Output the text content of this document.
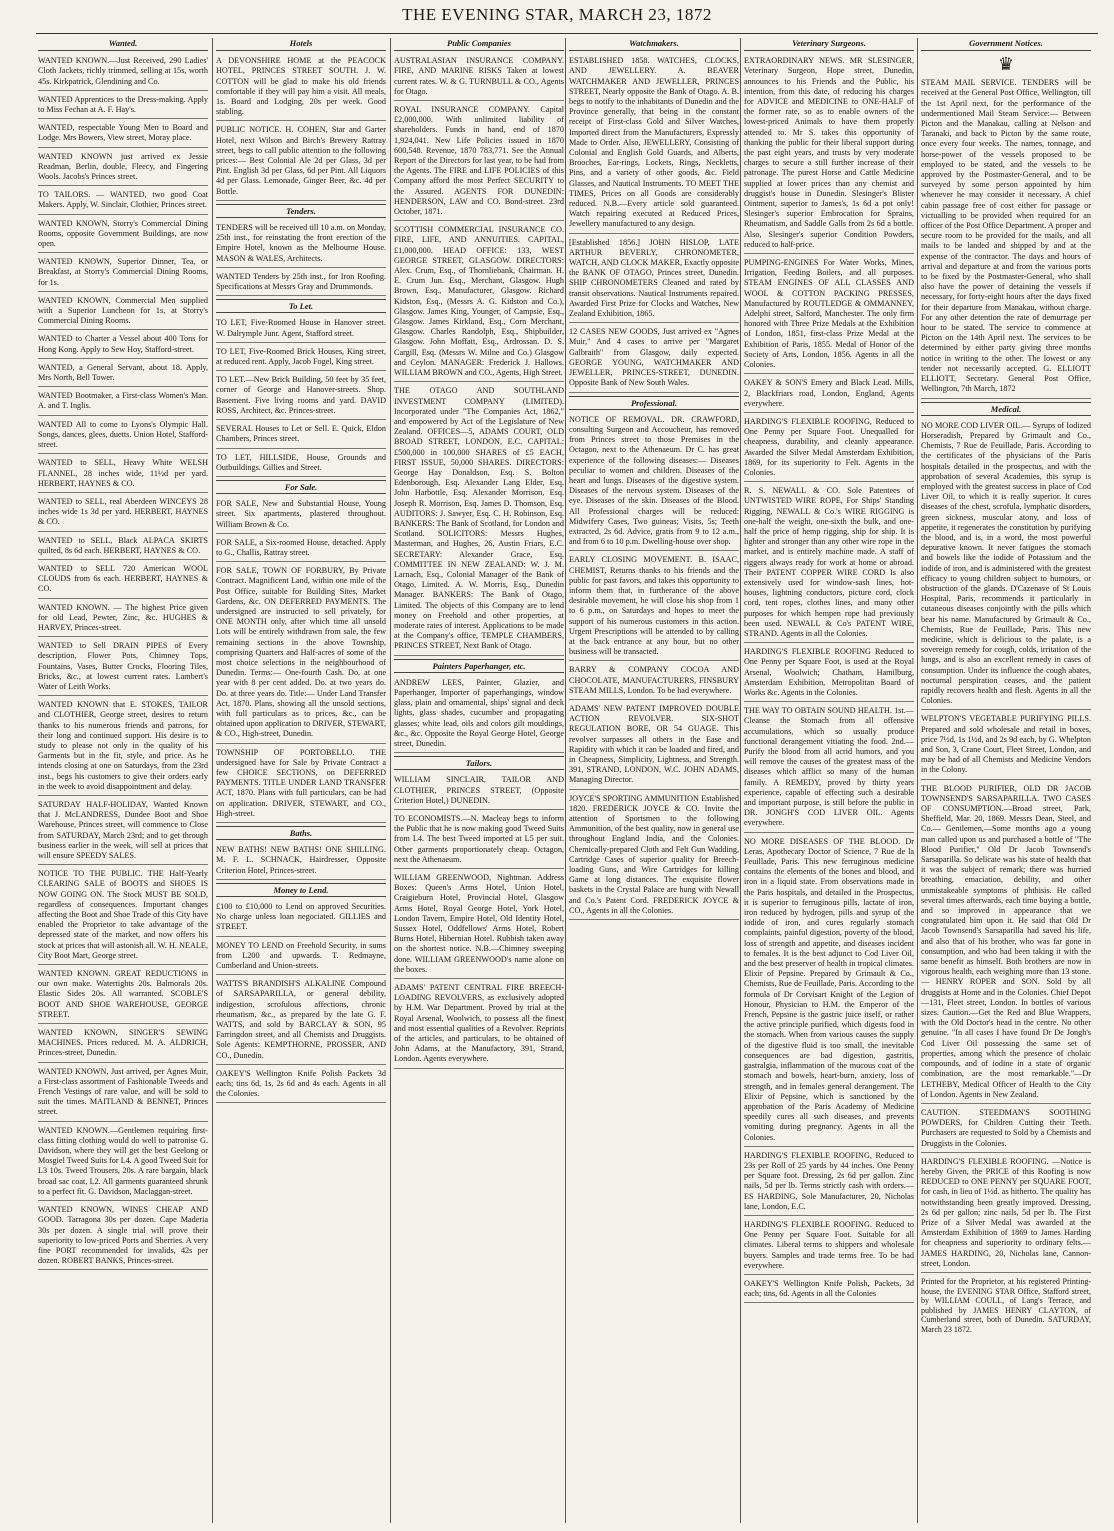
THE EVENING STAR, MARCH 23, 1872
Wanted.
WANTED KNOWN.—Just Received, 290 Ladies' Cloth Jackets, richly trimmed, selling at 15s, worth 45s. Kirkpatrick, Glendining and Co.
WANTED Apprentices to the Dress-making. Apply to Miss Fechan at A. F. Hay's.
WANTED, respectable Young Men to Board and Lodge. Mrs Bowers, View street, Moray place.
WANTED KNOWN just arrived ex Jessie Readman, Berlin, double, Fleecy, and Fingering Wools. Jacobs's Princes street.
TO TAILORS. — WANTED, two good Coat Makers. Apply, W. Sinclair, Clothier, Princes street.
WANTED KNOWN, Storry's Commercial Dining Rooms, opposite Government Buildings, are now open.
WANTED KNOWN, Superior Dinner, Tea, or Breakfast, at Storry's Commercial Dining Rooms, for 1s.
WANTED KNOWN, Commercial Men supplied with a Superior Luncheon for 1s, at Storry's Commercial Dining Rooms.
WANTED to Charter a Vessel about 400 Tons for Hong Kong. Apply to Sew Hoy, Stafford-street.
WANTED, a General Servant, about 18. Apply, Mrs North, Bell Tower.
WANTED Bootmaker, a First-class Women's Man. A. and T. Inglis.
WANTED All to come to Lyons's Olympic Hall. Songs, dances, glees, duetts. Union Hotel, Stafford-street.
WANTED to SELL, Heavy White WELSH FLANNEL, 28 inches wide, 11½d per yard. HERBERT, HAYNES & CO.
WANTED to SELL, real Aberdeen WINCEYS 28 inches wide 1s 3d per yard. HERBERT, HAYNES & CO.
WANTED to SELL, Black ALPACA SKIRTS quilted, 8s 6d each. HERBERT, HAYNES & CO.
WANTED to SELL 720 American WOOL CLOUDS from 6s each. HERBERT, HAYNES & CO.
WANTED KNOWN. — The highest Price given for old Lead, Pewter, Zinc, &c. HUGHES & HARVEY, Princes-street.
WANTED to Sell DRAIN PIPES of Every description, Flower Pots, Chimney Tops, Fountains, Vases, Butter Crocks, Flooring Tiles, Bricks, &c., at lowest current rates. Lambert's Water of Leith Works.
WANTED KNOWN that E. STOKES, TAILOR and CLOTHIER, George street, desires to return thanks to his numerous friends and patrons, for their long and continued support. His desire is to study to please not only in the quality of his Garments but in the fit, style, and price. As he intends closing at one on Saturdays, from the 23rd inst., begs his customers to give their orders early in the week to avoid disappointment and delay.
SATURDAY HALF-HOLIDAY, Wanted Known that J. McLANDRESS, Dundee Boot and Shoe Warehouse, Princes street, will commence to Close from SATURDAY, March 23rd; and to get through business earlier in the week, will sell at prices that will ensure SPEEDY SALES.
NOTICE TO THE PUBLIC. THE Half-Yearly CLEARING SALE of BOOTS and SHOES IS NOW GOING ON. The Stock MUST BE SOLD, regardless of consequences. Important changes affecting the Boot and Shoe Trade of this City have enabled the Proprietor to take advantage of the depressed state of the market, and now offers his stock at prices that will astonish all. W. H. NEALE, City Boot Mart, George street.
WANTED KNOWN. GREAT REDUCTIONS in our own make. Watertights 20s. Balmorals 20s. Elastic Sides 20s. All warranted. SCOBLE'S BOOT AND SHOE WAREHOUSE, GEORGE STREET.
WANTED KNOWN, SINGER'S SEWING MACHINES. Prices reduced. M. A. ALDRICH, Princes-street, Dunedin.
WANTED KNOWN, Just arrived, per Agnes Muir, a First-class assortment of Fashionable Tweeds and French Vestings of rare value, and will be sold to suit the times. MAITLAND & BENNET, Princes street.
WANTED KNOWN.—Gentlemen requiring first-class fitting clothing would do well to patronise G. Davidson, where they will get the best Geelong or Mosgiel Tweed Suits for L4. A good Tweed Suit for L3 10s. Tweed Trousers, 20s. A rare bargain, black broad sac coat, L2. All garments guaranteed shrunk to a perfect fit. G. Davidson, Maclaggan-street.
WANTED KNOWN, WINES CHEAP AND GOOD. Tarragona 30s per dozen. Cape Maderia 30s per dozen. A single trial will prove their superiority to low-priced Ports and Sherries. A very fine PORT recommended for invalids, 42s per dozen. ROBERT BANKS, Princes-street.
Hotels
A DEVONSHIRE HOME at the PEACOCK HOTEL, PRINCES STREET SOUTH. J. W. COTTON will be glad to make his old friends comfortable if they will pay him a visit. All meals, 1s. Board and Lodging, 20s per week. Good stabling.
PUBLIC NOTICE. H. COHEN, Star and Garter Hotel, next Wilson and Birch's Brewery Rattray street, begs to call public attention to the following prices:— Best Colonial Ale 2d per Glass, 3d per Pint. English 3d per Glass, 6d per Pint. All Liquors 4d per Glass. Lemonade, Ginger Beer, &c. 4d per Bottle.
Tenders.
TENDERS will be received till 10 a.m. on Monday, 25th inst., for reinstating the front erection of the Empire Hotel, known as the Melbourne House. MASON & WALES, Architects.
WANTED Tenders by 25th inst., for Iron Roofing. Specifications at Messrs Gray and Drummonds.
To Let.
TO LET, Five-Roomed House in Hanover street. W. Dalrymple Junr. Agent, Stafford street.
TO LET, Five-Roomed Brick Houses, King street, at reduced rent. Apply, Jacob Fogel, King street.
TO LET.—New Brick Building, 50 feet by 35 feet, corner of George and Hanover-streets. Shop. Basement. Five living rooms and yard. DAVID ROSS, Architect, &c. Princes-street.
SEVERAL Houses to Let or Sell. E. Quick, Eldon Chambers, Princes street.
TO LET, HILLSIDE, House, Grounds and Outbuildings. Gillies and Street.
For Sale.
FOR SALE, New and Substantial House, Young street. Six apartments, plastered throughout. William Brown & Co.
FOR SALE, a Six-roomed House, detached. Apply to G., Challis, Rattray street.
FOR SALE, TOWN OF FORBURY, By Private Contract. Magnificent Land, within one mile of the Post Office, suitable for Building Sites, Market Gardens, &c. ON DEFERRED PAYMENTS. The undersigned are instructed to sell privately, for ONE MONTH only, after which time all unsold Lots will be entirely withdrawn from sale, the few remaining sections in the above Township, comprising Quarters and Half-acres of some of the most choice selections in the neighbourhood of Dunedin. Terms:— One-fourth Cash. Do. at one year with 8 per cent added. Do. at two years do. Do. at three years do. Title:— Under Land Transfer Act, 1870. Plans, showing all the unsold sections, with full particulars as to prices, &c., can be obtained upon application to DRIVER, STEWART, & CO., High-street, Dunedin.
TOWNSHIP OF PORTOBELLO. THE undersigned have for Sale by Private Contract a few CHOICE SECTIONS, on DEFERRED PAYMENTS. TITLE UNDER LAND TRANSFER ACT, 1870. Plans with full particulars, can be had on application. DRIVER, STEWART, and CO., High-street.
Baths.
NEW BATHS! NEW BATHS! ONE SHILLING. M. F. L. SCHNACK, Hairdresser, Opposite Criterion Hotel, Princes-street.
Money to Lend.
£100 to £10,000 to Lend on approved Securities. No charge unless loan negociated. GILLIES and STREET.
MONEY TO LEND on Freehold Security, in sums from L200 and upwards. T. Redmayne, Cumberland and Union-streets.
WATTS'S BRANDISH'S ALKALINE Compound of SARSAPARILLA, or general debility, indigestion, scrofulous affections, chronic rheumatism, &c., as prepared by the late G. F. WATTS, and sold by BARCLAY & SON, 95 Farringdon street, and all Chemists and Druggists. Sole Agents: KEMPTHORNE, PROSSER, AND CO., Dunedin.
OAKEY'S Wellington Knife Polish Packets 3d each; tins 6d, 1s, 2s 6d and 4s each. Agents in all the Colonies.
Public Companies
AUSTRALASIAN INSURANCE COMPANY. FIRE, AND MARINE RISKS Taken at lowest current rates. W. & G. TURNBULL & CO., Agents for Otago.
ROYAL INSURANCE COMPANY. Capital £2,000,000. With unlimited liability of shareholders. Funds in hand, end of 1870 1,924,041. New Life Policies issued in 1870 600,548. Revenue, 1870 783,771. See the Annual Report of the Directors for last year, to be had from the Agents. The FIRE and LIFE POLICIES of this Company afford the most Perfect SECURITY to the Assured. AGENTS FOR DUNEDIN: HENDERSON, LAW and CO. Bond-street. 23rd October, 1871.
SCOTTISH COMMERCIAL INSURANCE CO. FIRE, LIFE, AND ANNUITIES. CAPITAL, £1,000,000. HEAD OFFICE: 133, WEST GEORGE STREET, GLASGOW. DIRECTORS: Alex. Crum, Esq., of Thornliebank, Chairman. H. E. Crum Jun. Esq., Merchant, Glasgow. Hugh Brown, Esq., Manufacturer, Glasgow. Richard Kidston, Esq., (Messrs A. G. Kidston and Co.), Glasgow. James King, Younger, of Campsie, Esq., Glasgow. James Kirkland, Esq., Corn Merchant, Glasgow. Charles Randolph, Esq., Shipbuilder, Glasgow. John Moffatt, Esq., Ardrossan. D. S. Cargill, Esq. (Messrs W. Milne and Co.) Glasgow and Ceylon. MANAGER: Frederick J. Hallows. WILLIAM BROWN and CO., Agents, High Street.
THE OTAGO AND SOUTHLAND INVESTMENT COMPANY (LIMITED). Incorporated under "The Companies Act, 1862," and empowered by Act of the Legislature of New Zealand. OFFICES—5, ADAMS COURT, OLD BROAD STREET, LONDON, E.C. CAPITAL: £500,000 in 100,000 SHARES of £5 EACH, FIRST ISSUE, 50,000 SHARES. DIRECTORS: George Hay Donaldson, Esq. S. Bolton Edenborough, Esq. Alexander Lang Elder, Esq. John Harbottle, Esq. Alexander Morrison, Esq. Joseph R. Morrison, Esq. James D. Thomson, Esq. AUDITORS: J. Sawyer, Esq. C. H. Robinson, Esq. BANKERS: The Bank of Scotland, for London and Scotland. SOLICITORS: Messrs Hughes, Masterman, and Hughes, 26, Austin Friars, E.C. SECRETARY: Alexander Grace, Esq. COMMITTEE IN NEW ZEALAND: W. J. M. Larnach, Esq., Colonial Manager of the Bank of Otago, Limited. A. W. Morris, Esq., Dunedin Manager. BANKERS: The Bank of Otago, Limited. The objects of this Company are to lend money on Freehold and other properties, at moderate rates of interest. Applications to be made at the Company's office, TEMPLE CHAMBERS, PRINCES STREET, Next Bank of Otago.
Painters Paperhanger, etc.
ANDREW LEES, Painter, Glazier, and Paperhanger, Importer of paperhangings, window glass, plain and ornamental, ships' signal and deck lights, glass shades, cucumber and propagating glasses; white lead, oils and colors gilt mouldings, &c., &c. Opposite the Royal George Hotel, George street, Dunedin.
Tailors.
WILLIAM SINCLAIR, TAILOR AND CLOTHIER, PRINCES STREET, (Opposite Criterion Hotel,) DUNEDIN.
TO ECONOMISTS.—N. Macleay begs to inform the Public that he is now making good Tweed Suits from L4. The best Tweed imported at L5 per suit. Other garments proportionately cheap. Octagon, next the Athenaeum.
WILLIAM GREENWOOD, Nightman. Address Boxes: Queen's Arms Hotel, Union Hotel, Craigieburn Hotel, Provincial Hotel, Glasgow Arms Hotel, Royal George Hotel, York Hotel, London Tavern, Empire Hotel, Old Identity Hotel, Sussex Hotel, Oddfellows' Arms Hotel, Robert Burns Hotel, Hibernian Hotel. Rubbish taken away on the shortest notice. N.B.—Chimney sweeping done. WILLIAM GREENWOOD's name alone on the boxes.
ADAMS' PATENT CENTRAL FIRE BREECH-LOADING REVOLVERS, as exclusively adopted by H.M. War Department. Proved by trial at the Royal Arsenal, Woolwich, to possess all the finest and most essential qualities of a Revolver. Reprints of the articles, and particulars, to be obtained of John Adams, at the Manufactory, 391, Strand, London. Agents everywhere.
Watchmakers.
ESTABLISHED 1858. WATCHES, CLOCKS, AND JEWELLERY. A. BEAVER WATCHMAKER AND JEWELLER, PRINCES STREET, Nearly opposite the Bank of Otago. A. B. begs to notify to the inhabitants of Dunedin and the Province generally, that being in the constant receipt of First-class Gold and Silver Watches, Imported direct from the Manufacturers, Expressly Made to Order. Also, JEWELLERY, Consisting of Colonial and English Gold Guards, and Alberts, Brooches, Ear-rings, Lockets, Rings, Neckletts, Pins, and a variety of other goods, &c. Field Glasses, and Nautical Instruments. TO MEET THE TIMES, Prices on all Goods are considerably reduced. N.B.—Every article sold guaranteed. Watch repairing executed at Reduced Prices, Jewellery manufactured to any design.
[Established 1856.] JOHN HISLOP, LATE ARTHUR BEVERLY, CHRONOMETER, WATCH, AND CLOCK MAKER, Exactly opposite the BANK OF OTAGO, Princes street, Dunedin. SHIP CHRONOMETERS Cleaned and rated by transit observations. Nautical Instruments repaired. Awarded First Prize for Clocks and Watches, New Zealand Exhibition, 1865.
12 CASES NEW GOODS, Just arrived ex "Agnes Muir," And 4 cases to arrive per "Margaret Galbraith" from Glasgow, daily expected. GEORGE YOUNG, WATCHMAKER AND JEWELLER, PRINCES-STREET, DUNEDIN. Opposite Bank of New South Wales.
Professional.
NOTICE OF REMOVAL. DR. CRAWFORD, consulting Surgeon and Accoucheur, has removed from Princes street to those Premises in the Octagon, next to the Athenaeum. Dr C. has great experience of the following diseases:— Diseases peculiar to women and children. Diseases of the heart and lungs. Diseases of the digestive system. Diseases of the nervous system. Diseases of the eye. Diseases of the skin. Diseases of the Blood. All Professional charges will be reduced: Midwifery Cases, Two guineas; Visits, 5s; Teeth extracted, 2s 6d. Advice, gratis from 9 to 12 a.m., and from 6 to 10 p.m. Dwelling-house over shop.
EARLY CLOSING MOVEMENT. B. ISAAC, CHEMIST, Returns thanks to his friends and the public for past favors, and takes this opportunity to inform them that, in furtherance of the above desirable movement, he will close his shop from 1 to 6 p.m., on Saturdays and hopes to meet the support of his numerous customers in this action. Urgent Prescriptions will be attended to by calling at the back entrance at any hour, but no other business will be transacted.
BARRY & COMPANY COCOA AND CHOCOLATE, MANUFACTURERS, FINSBURY STEAM MILLS, London. To be had everywhere.
ADAMS' NEW PATENT IMPROVED DOUBLE ACTION REVOLVER. SIX-SHOT REGULATION BORE, OR 54 GUAGE. This revolver surpasses all others in the Ease and Rapidity with which it can be loaded and fired, and in Cheapness, Simplicity, Lightness, and Strength. 391, STRAND, LONDON, W.C. JOHN ADAMS, Managing Director.
JOYCE'S SPORTING AMMUNITION Established 1820. FREDERICK JOYCE & CO. Invite the attention of Sportsmen to the following Ammunition, of the best quality, now in general use throughout England India, and the Colonies. Chemically-prepared Cloth and Felt Gun Wadding, Cartridge Cases of superior quality for Breech-loading Guns, and Wire Cartridges for killing Game at long distances. The exquisite flower baskets in the Crystal Palace are hung with Newall and Co.'s Patent Cord. FREDERICK JOYCE & CO., Agents in all the Colonies.
Veterinary Surgeons.
EXTRAORDINARY NEWS. MR SLESINGER, Veterinary Surgeon, Hope street, Dunedin, announces to his Friends and the Public, his intention, from this date, of reducing his charges for ADVICE and MEDICINE to ONE-HALF of the former rate, so as to enable owners of the lowest-priced Animals to have them properly attended to. Mr S. takes this opportunity of thanking the public for their liberal support during the past eight years, and trusts by very moderate charges to secure a still further increase of their patronage. The purest Horse and Cattle Medicine supplied at lower prices than any chemist and druggist's house in Dunedin. Slesinger's Blister Ointment, superior to James's, 1s 6d a pot only! Slesinger's superior Embrocation for Sprains, Rheumatism, and Saddle Galls from 2s 6d a bottle. Also, Slesinger's superior Condition Powders, reduced to half-price.
PUMPING-ENGINES For Water Works, Mines, Irrigation, Feeding Boilers, and all purposes. STEAM ENGINES OF ALL CLASSES AND WOOL & COTTON PACKING PRESSES, Manufactured by ROUTLEDGE & OMMANNEY, Adelphi street, Salford, Manchester. The only firm honored with Three Prize Medals at the Exhibition of London, 1851, first-class Prize Medal at the Exhibition of Paris, 1855. Medal of Honor of the Society of Arts, London, 1856. Agents in all the Colonies.
OAKEY & SON'S Emery and Black Lead. Mills, 2, Blackfriars road, London, England, Agents everywhere.
HARDING'S FLEXIBLE ROOFING, Reduced to One Penny per Square Foot. Unequalled for cheapness, durability, and cleanly appearance. Awarded the Silver Medal Amsterdam Exhibition, 1869, for its superiority to Felt. Agents in the Colonies.
R. S. NEWALL & CO. Sole Patentees of UNTWISTED WIRE ROPE, For Ships' Standing Rigging, NEWALL & Co.'s WIRE RIGGING is one-half the weight, one-sixth the bulk, and one-half the price of hemp rigging, ship for ship. It is lighter and stronger than any other wire rope in the market, and is entirely machine made. A staff of riggers always ready for work at home or abroad. Their PATENT COPPER WIRE CORD Is also extensively used for window-sash lines, hot-houses, lightning conductors, picture cord, clock cord, tent ropes, clothes lines, and many other purposes for which hempen rope had previously been used. NEWALL & Co's PATENT WIRE, STRAND. Agents in all the Colonies.
HARDING'S FLEXIBLE ROOFING Reduced to One Penny per Square Foot, is used at the Royal Arsenal, Woolwich; Chatham, Hamilburg, Amsterdam Exhibition, Metropolitan Board of Works &c. Agents in the Colonies.
THE WAY TO OBTAIN SOUND HEALTH. 1st.—Cleanse the Stomach from all offensive accumulations, which so usually produce functional derangement vitiating the food. 2nd.—Purify the blood from all acrid humors, and you will remove the causes of the greatest mass of the diseases which afflict so many of the human family. A REMEDY, proved by thirty years experience, capable of effecting such a desirable and important purpose, is still before the public in DR. JONGH'S COD LIVER OIL. Agents everywhere.
NO MORE DISEASES OF THE BLOOD. Dr Leras, Apothecary Doctor of Science, 7 Rue de la Feuillade, Paris. This new ferruginous medicine contains the elements of the bones and blood, and iron in a liquid state. From observations made in the Paris hospitals, and detailed in the Prospectus, it is superior to ferruginous pills, lactate of iron, iron reduced by hydrogen, pills and syrup of the iodide of iron, and cures regularly stomach complaints, painful digestion, poverty of the blood, loss of strength and appetite, and diseases incident to females. It is the best adjunct to Cod Liver Oil, and the best preserver of health in tropical climates. Elixir of Pepsine. Prepared by Grimault & Co., Chemists, Rue de Feuillade, Paris. According to the formula of Dr Corvisart Knight of the Legion of Honour, Physician to H.M. the Emperor of the French, Pepsine is the gastric juice itself, or rather the active principle purified, which digests food in the stomach. When from various causes the supply of the digestive fluid is too small, the inevitable consequences are bad digestion, gastritis, gastralgia, inflammation of the mucous coat of the stomach and bowels, heart-burn, anxiety, loss of strength, and in females general derangement. The Elixir of Pepsine, which is sanctioned by the approbation of the Paris Academy of Medicine speedily cures all such diseases, and prevents vomiting during pregnancy. Agents in all the Colonies.
HARDING'S FLEXIBLE ROOFING, Reduced to 23s per Roll of 25 yards by 44 inches. One Penny per Square foot. Dressing, 2s 6d per gallon. Zinc nails, 5d per lb. Terms strictly cash with orders.— ES HARDING, Sole Manufacturer, 20, Nicholas lane, London, E.C.
HARDING'S FLEXIBLE ROOFING. Reduced to One Penny per Square Foot. Suitable for all climates. Liberal terms to shippers and wholesale buyers. Samples and trade terms free. To be had everywhere.
OAKEY'S Wellington Knife Polish, Packets, 3d each; tins, 6d. Agents in all the Colonies
Government Notices.
♛
STEAM MAIL SERVICE. TENDERS will be received at the General Post Office, Wellington, till the 1st April next, for the performance of the undermentioned Mail Steam Service:— Between Picton and the Manakau, calling at Nelson and Taranaki, and back to Picton by the same route, once every four weeks. The names, tonnage, and horse-power of the vessels proposed to be employed to be stated, and the vessels to be approved by the Postmaster-General, and to be surveyed by some person appointed by him whenever he may consider it necessary. A chief cabin passage free of cost either for passage or victualling to be provided when required for an officer of the Post Office Department. A proper and secure room to be provided for the mails, and all mails to be landed and shipped by and at the expense of the contractor. The days and hours of arrival and departure at and from the various ports to be fixed by the Postmaster-General, who shall also have the power of detaining the vessels if necessary, for forty-eight hours after the days fixed for their departure from Manakau, without charge. For any other detention the rate of demurrage per hour to be stated. The service to commence at Picton on the 14th April next. The services to be determined by either party giving three months notice in writing to the other. The lowest or any tender not necessarily accepted. G. ELLIOTT ELLIOTT, Secretary. General Post Office, Wellington, 7th March, 1872
Medical.
NO MORE COD LIVER OIL.— Syrups of Iodized Horseradish, Prepared by Grimault and Co., Chemists, 7 Rue de Feuillade, Paris. According to the certificates of the physicians of the Paris hospitals detailed in the prospectus, and with the approbation of several Academies, this syrup is employed with the greatest success in place of Cod Liver Oil, to which it is really superior. It cures diseases of the chest, scrofula, lymphatic disorders, green sickness, muscular atony, and loss of appetite, it regenerates the constitution by purifying the blood, and is, in a word, the most powerful depurative known. It never fatigues the stomach and bowels like the iodide of Potassium and the iodide of iron, and is administered with the greatest efficacy to young children subject to humours, or obstruction of the glands. D'Cazenave of St Louis Hospital, Paris, recommends it particularly in cutaneous diseases conjointly with the pills which bear his name. Manufactured by Grimault & Co., Chemists, Rue de Feuillade, Paris. This new medicine, which is delicious to the palate, is a sovereign remedy for cough, colds, irritation of the lungs, and is also an excellent remedy in cases of consumption. Under its influence the cough abates, nocturnal perspiration ceases, and the patient rapidly recovers health and flesh. Agents in all the Colonies.
WELPTON'S VEGETABLE PURIFYING PILLS. Prepared and sold wholesale and retail in boxes, price 7½d, 1s 1½d, and 2s 9d each, by G. Whelpton and Son, 3, Crane Court, Fleet Street, London, and may be had of all Chemists and Medicine Vendors in the Colony.
THE BLOOD PURIFIER, OLD DR JACOB TOWNSEND'S SARSAPARILLA. TWO CASES OF CONSUMPTION.—Broad street, Park, Sheffield, Mar. 20, 1869. Messrs Dean, Steel, and Co.— Gentlemen,—Some months ago a young man called upon us and purchased a bottle of "The Blood Purifier," Old Dr Jacob Townsend's Sarsaparilla. So delicate was his state of health that it was the subject of remark; there was hurried breathing, emaciation, debility, and other unmistakeable symptoms of phthisis. He called several times afterwards, each time buying a bottle, and so improved in appearance that we congratulated him upon it. He said that Old Dr Jacob Townsend's Sarsaparilla had saved his life, and also that of his brother, who was far gone in consumption, and who had been taking it with the same benefit as himself. Both brothers are now in vigorous health, each weighing more than 13 stone.— HENRY ROPER and SON. Sold by all druggists at Home and in the Colonies. Chief Depot—131, Fleet street, London. In bottles of various sizes. Caution.—Get the Red and Blue Wrappers, with the Old Doctor's head in the centre. No other genuine. "In all cases I have found Dr De Jongh's Cod Liver Oil possessing the same set of properties, among which the presence of cholaic compounds, and of iodine in a state of organic combination, are the most remarkable."—Dr LETHEBY, Medical Officer of Health to the City of London. Agents in New Zealand.
CAUTION. STEEDMAN'S SOOTHING POWDERS, for Children Cutting their Teeth. Purchasers are requested to Sold by a Chemists and Druggists in the Colonies.
HARDING'S FLEXIBLE ROOFING. —Notice is hereby Given, the PRICE of this Roofing is now REDUCED to ONE PENNY per SQUARE FOOT, for cash, in lieu of 1½d. as hitherto. The quality has notwithstanding been greatly improved. Dressing, 2s 6d per gallon; zinc nails, 5d per lb. The First Prize of a Silver Medal was awarded at the Amsterdam Exhibition of 1869 to James Harding for cheapness and superiority to ordinary felts.—JAMES HARDING, 20, Nicholas lane, Cannon-street, London.
Printed for the Proprietor, at his registered Printing-house, the EVENING STAR Office, Stafford street, by WILLIAM COULL, of Lang's Terrace, and published by JAMES HENRY CLAYTON, of Cumberland street, both of Dunedin. SATURDAY, March 23 1872.
